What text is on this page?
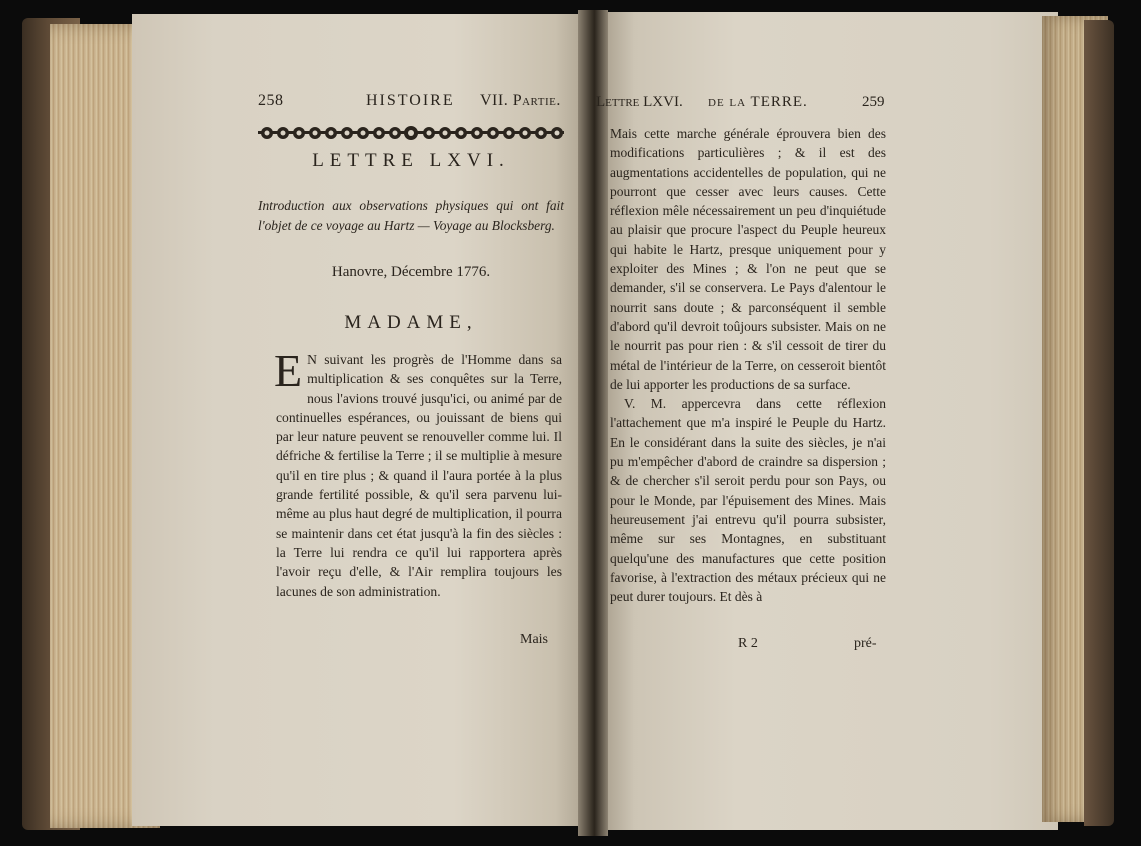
258	HISTOIRE VII. Partie.
LETTRE LXVI.
Introduction aux observations physiques qui ont fait l'objet de ce voyage au Hartz — Voyage au Blocksberg.
Hanovre, Décembre 1776.
MADAME,
E N suivant les progrès de l'Homme dans sa multiplication & ses conquêtes sur la Terre, nous l'avions trouvé jusqu'ici, ou animé par de continuelles espérances, ou jouissant de biens qui par leur nature peuvent se renouveller comme lui. Il défriche & fertilise la Terre ; il se multiplie à mesure qu'il en tire plus ; & quand il l'aura portée à la plus grande fertilité possible, & qu'il sera parvenu lui-même au plus haut degré de multiplication, il pourra se maintenir dans cet état jusqu'à la fin des siècles : la Terre lui rendra ce qu'il lui rapportera après l'avoir reçu d'elle, & l'Air remplira toujours les lacunes de son administration.
Mais
Lettre LXVI. de la TERRE.	259

Mais cette marche générale éprouvera bien des modifications particulières ; & il est des augmentations accidentelles de population, qui ne pourront que cesser avec leurs causes. Cette réflexion mêle nécessairement un peu d'inquiétude au plaisir que procure l'aspect du Peuple heureux qui habite le Hartz, presque uniquement pour y exploiter des Mines ; & l'on ne peut que se demander, s'il se conservera. Le Pays d'alentour le nourrit sans doute ; & parconséquent il semble d'abord qu'il devroit toûjours subsister. Mais on ne le nourrit pas pour rien : & s'il cessoit de tirer du métal de l'intérieur de la Terre, on cesseroit bientôt de lui apporter les productions de sa surface.

V. M. appercevra dans cette réflexion l'attachement que m'a inspiré le Peuple du Hartz. En le considérant dans la suite des siècles, je n'ai pu m'empêcher d'abord de craindre sa dispersion ; & de chercher s'il seroit perdu pour son Pays, ou pour le Monde, par l'épuisement des Mines. Mais heureusement j'ai entrevu qu'il pourra subsister, même sur ses Montagnes, en substituant quelqu'une des manufactures que cette position favorise, à l'extraction des métaux précieux qui ne peut durer toujours. Et dès à

R 2	pré-
